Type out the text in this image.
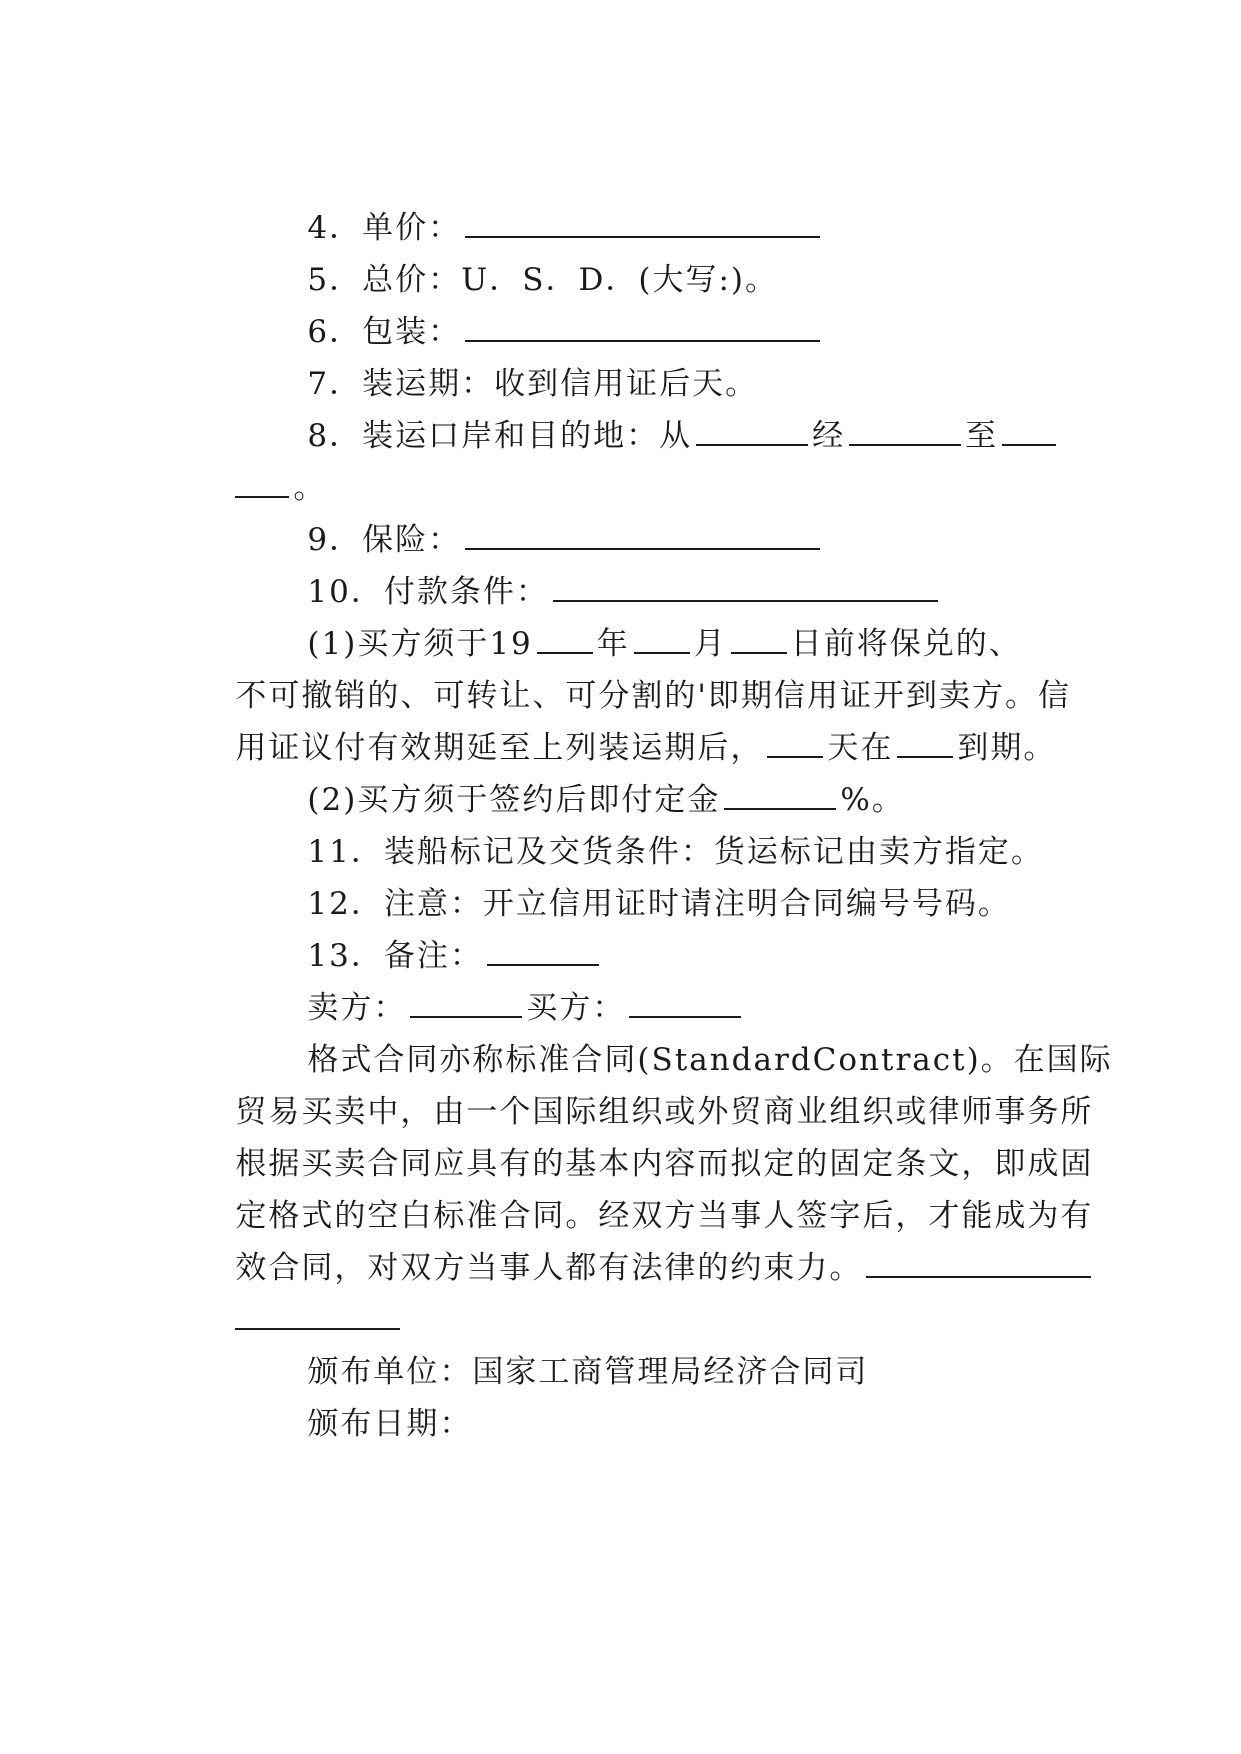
4．单价：

5．总价：U．S．D．(大写:)。

6．包装：

7．装运期：收到信用证后天。

8．装运口岸和目的地：从	经	至

。

9．保险：

10．付款条件：

(1)买方须于19 年 月 日前将保兑的、

不可撤销的、可转让、可分割的'即期信用证开到卖方。信

用证议付有效期延至上列装运期后， 天在 到期。

(2)买方须于签约后即付定金	%。

11．装船标记及交货条件：货运标记由卖方指定。

12．注意：开立信用证时请注明合同编号号码。

13．备注：

卖方：	买方：

格式合同亦称标准合同(StandardContract)。在国际

贸易买卖中，由一个国际组织或外贸商业组织或律师事务所

根据买卖合同应具有的基本内容而拟定的固定条文，即成固

定格式的空白标准合同。经双方当事人签字后，才能成为有

效合同，对双方当事人都有法律的约束力。

颁布单位：国家工商管理局经济合同司

颁布日期：
